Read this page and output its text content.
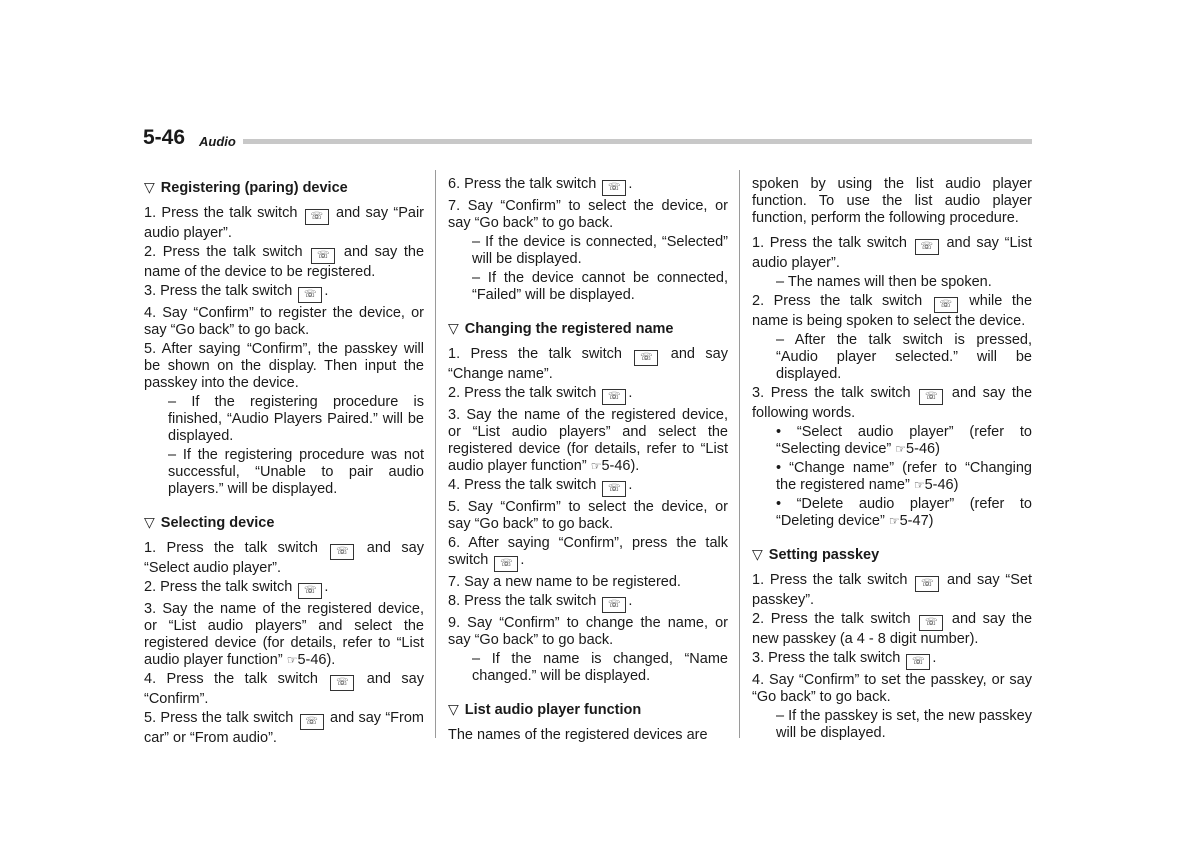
5-46 Audio
▽ Registering (paring) device

1. Press the talk switch ☏ and say “Pair audio player”.

2. Press the talk switch ☏ and say the name of the device to be registered.

3. Press the talk switch ☏ .

4. Say “Confirm” to register the device, or say “Go back” to go back.

5. After saying “Confirm”, the passkey will be shown on the display. Then input the passkey into the device.

– If the registering procedure is finished, “Audio Players Paired.” will be displayed.

– If the registering procedure was not successful, “Unable to pair audio players.” will be displayed.

▽ Selecting device

1. Press the talk switch ☏ and say “Select audio player”.

2. Press the talk switch ☏ .

3. Say the name of the registered device, or “List audio players” and select the registered device (for details, refer to “List audio player function” ☞5-46).

4. Press the talk switch ☏ and say “Confirm”.

5. Press the talk switch ☏ and say “From car” or “From audio”.

6. Press the talk switch ☏ .

7. Say “Confirm” to select the device, or say “Go back” to go back.

– If the device is connected, “Selected” will be displayed.

– If the device cannot be connected, “Failed” will be displayed.

▽ Changing the registered name

1. Press the talk switch ☏ and say “Change name”.

2. Press the talk switch ☏ .

3. Say the name of the registered device, or “List audio players” and select the registered device (for details, refer to “List audio player function” ☞5-46).

4. Press the talk switch ☏ .

5. Say “Confirm” to select the device, or say “Go back” to go back.

6. After saying “Confirm”, press the talk switch ☏ .

7. Say a new name to be registered.

8. Press the talk switch ☏ .

9. Say “Confirm” to change the name, or say “Go back” to go back.

– If the name is changed, “Name changed.” will be displayed.

▽ List audio player function

The names of the registered devices are

spoken by using the list audio player function. To use the list audio player function, perform the following procedure.

1. Press the talk switch ☏ and say “List audio player”.

– The names will then be spoken.

2. Press the talk switch ☏ while the name is being spoken to select the device.

– After the talk switch is pressed, “Audio player selected.” will be displayed.

3. Press the talk switch ☏ and say the following words.

• “Select audio player” (refer to “Selecting device” ☞5-46)

• “Change name” (refer to “Changing the registered name” ☞5-46)

• “Delete audio player” (refer to “Deleting device” ☞5-47)

▽ Setting passkey

1. Press the talk switch ☏ and say “Set passkey”.

2. Press the talk switch ☏ and say the new passkey (a 4 - 8 digit number).

3. Press the talk switch ☏ .

4. Say “Confirm” to set the passkey, or say “Go back” to go back.

– If the passkey is set, the new passkey will be displayed.
